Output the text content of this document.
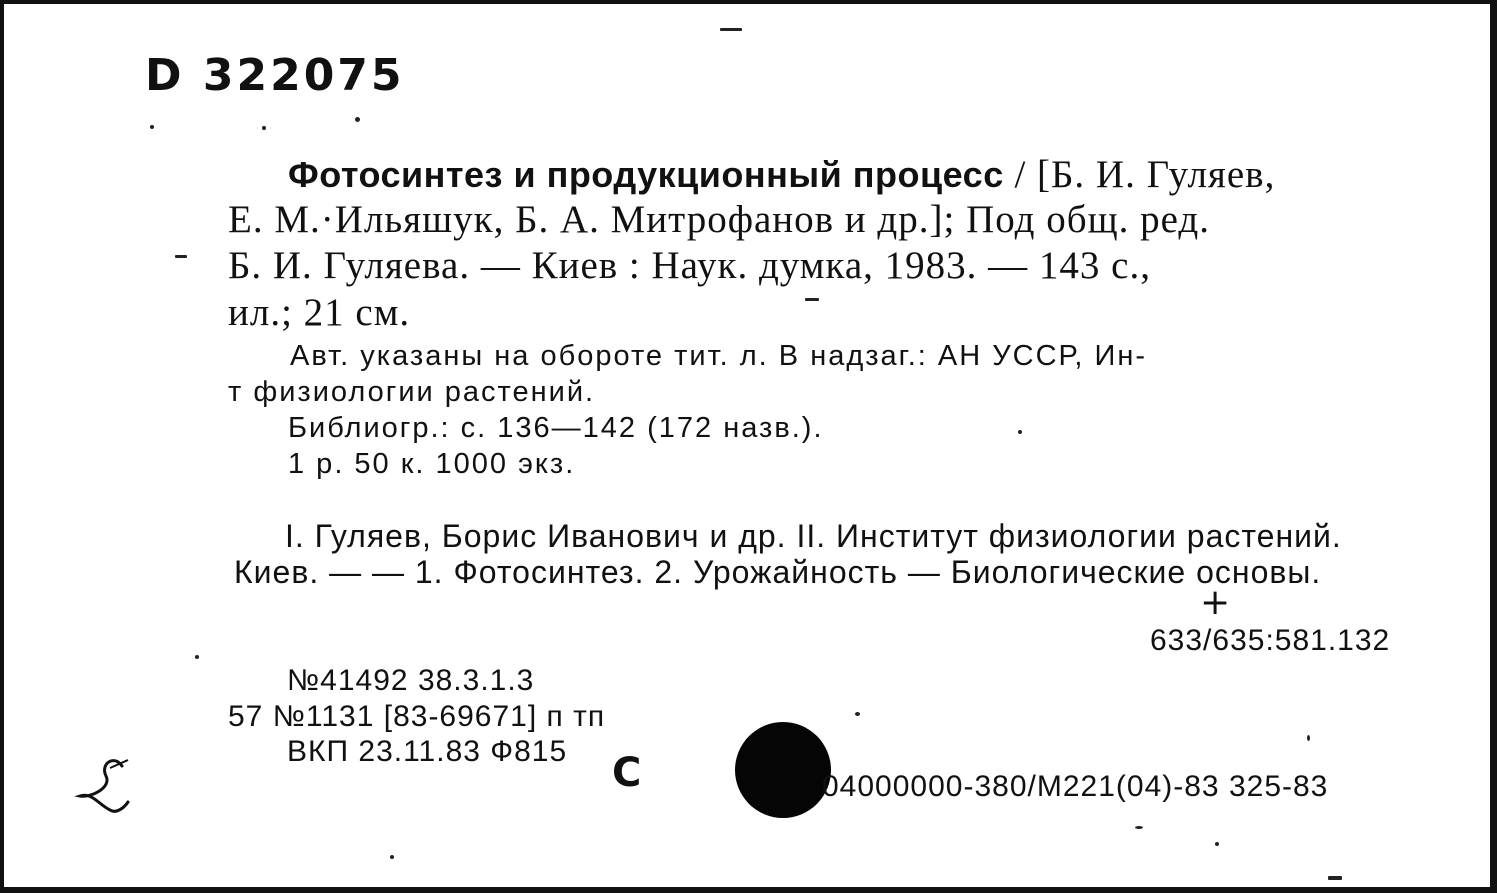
D 322075
Фотосинтез и продукционный процесс / [Б. И. Гуляев,
Е. М.·Ильяшук, Б. А. Митрофанов и др.]; Под общ. ред.
Б. И. Гуляева. — Киев : Наук. думка, 1983. — 143 с.,
ил.; 21 см.
Авт. указаны на обороте тит. л. В надзаг.: АН УССР, Ин-
т физиологии растений.
Библиогр.: с. 136—142 (172 назв.).
1 р. 50 к. 1000 экз.
I. Гуляев, Борис Иванович и др. II. Институт физиологии растений.
Киев. — — 1. Фотосинтез. 2. Урожайность — Биологические основы.
+
633/635:581.132
№41492 38.3.1.3
57 №1131 [83-69671] п тп
ВКП 23.11.83 Ф815 С	04000000-380/М221(04)-83 325-83
